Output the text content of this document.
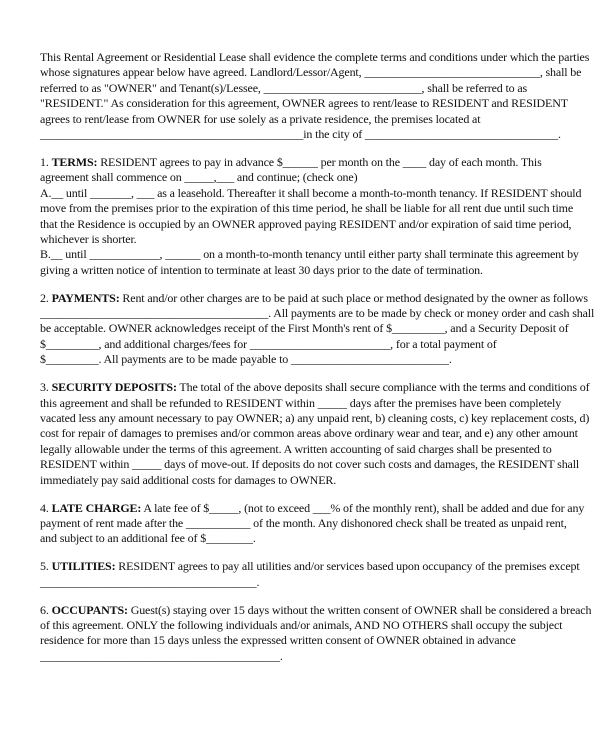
This Rental Agreement or Residential Lease shall evidence the complete terms and conditions under which the parties
whose signatures appear below have agreed. Landlord/Lessor/Agent, ______________________________, shall be
referred to as "OWNER" and Tenant(s)/Lessee, ___________________________, shall be referred to as
"RESIDENT." As consideration for this agreement, OWNER agrees to rent/lease to RESIDENT and RESIDENT
agrees to rent/lease from OWNER for use solely as a private residence, the premises located at
_____________________________________________in the city of _________________________________.
1. TERMS: RESIDENT agrees to pay in advance $______ per month on the ____ day of each month. This
agreement shall commence on _____,___ and continue; (check one)
A.__ until _______, ___ as a leasehold. Thereafter it shall become a month-to-month tenancy. If RESIDENT should
move from the premises prior to the expiration of this time period, he shall be liable for all rent due until such time
that the Residence is occupied by an OWNER approved paying RESIDENT and/or expiration of said time period,
whichever is shorter.
B.__ until ____________, ______ on a month-to-month tenancy until either party shall terminate this agreement by
giving a written notice of intention to terminate at least 30 days prior to the date of termination.
2. PAYMENTS: Rent and/or other charges are to be paid at such place or method designated by the owner as follows
_______________________________________. All payments are to be made by check or money order and cash shall
be acceptable. OWNER acknowledges receipt of the First Month's rent of $_________, and a Security Deposit of
$_________, and additional charges/fees for ________________________, for a total payment of
$_________. All payments are to be made payable to ___________________________.
3. SECURITY DEPOSITS: The total of the above deposits shall secure compliance with the terms and conditions of
this agreement and shall be refunded to RESIDENT within _____ days after the premises have been completely
vacated less any amount necessary to pay OWNER; a) any unpaid rent, b) cleaning costs, c) key replacement costs, d)
cost for repair of damages to premises and/or common areas above ordinary wear and tear, and e) any other amount
legally allowable under the terms of this agreement. A written accounting of said charges shall be presented to
RESIDENT within _____ days of move-out. If deposits do not cover such costs and damages, the RESIDENT shall
immediately pay said additional costs for damages to OWNER.
4. LATE CHARGE: A late fee of $_____, (not to exceed ___% of the monthly rent), shall be added and due for any
payment of rent made after the ___________ of the month. Any dishonored check shall be treated as unpaid rent,
and subject to an additional fee of $________.
5. UTILITIES: RESIDENT agrees to pay all utilities and/or services based upon occupancy of the premises except
_____________________________________.
6. OCCUPANTS: Guest(s) staying over 15 days without the written consent of OWNER shall be considered a breach
of this agreement. ONLY the following individuals and/or animals, AND NO OTHERS shall occupy the subject
residence for more than 15 days unless the expressed written consent of OWNER obtained in advance
_________________________________________.
